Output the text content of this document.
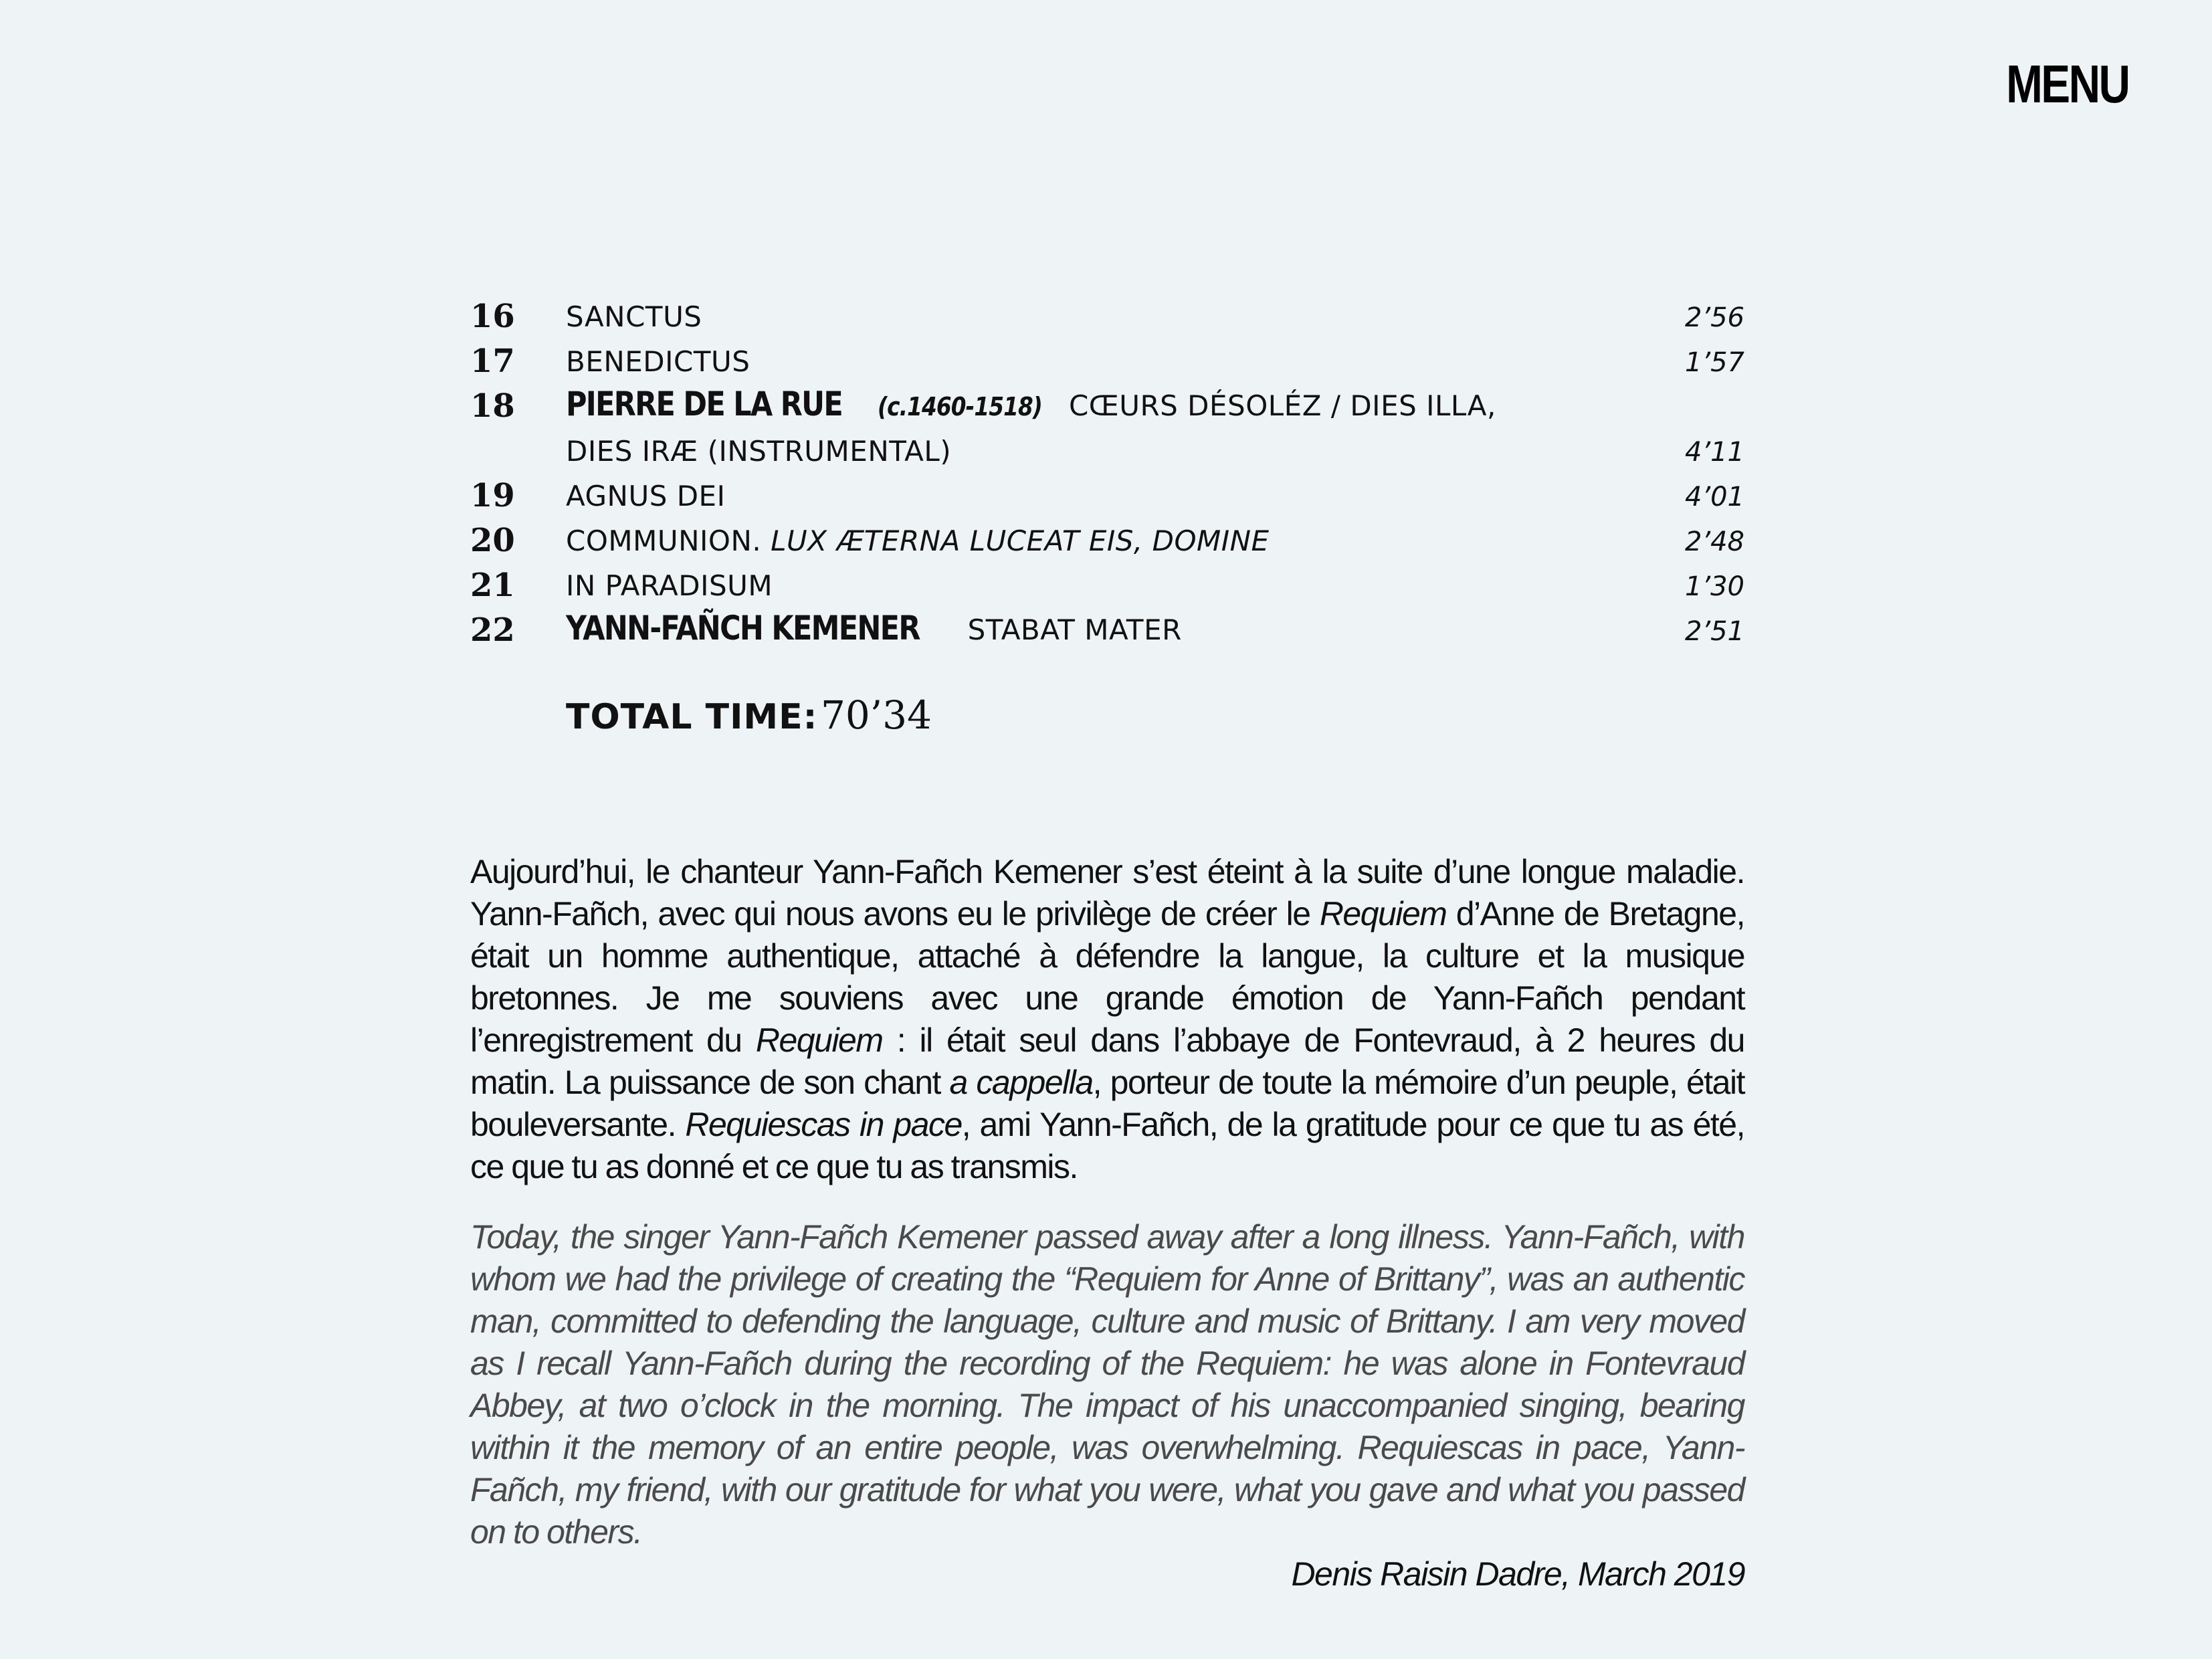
MENU
16 SANCTUS	2’56
17 BENEDICTUS	1’57
18 PIERRE DE LA RUE (c.1460-1518) CŒURS DÉSOLÉZ / DIES ILLA,
DIES IRÆ (INSTRUMENTAL)	4’11
19 AGNUS DEI	4’01
20 COMMUNION. LUX ÆTERNA LUCEAT EIS, DOMINE	2’48
21 IN PARADISUM	1’30
22 YANN-FAÑCH KEMENER STABAT MATER	2’51
TOTAL TIME: 70’34

Aujourd’hui, le chanteur Yann-Fañch Kemener s’est éteint à la suite d’une longue maladie. Yann-Fañch, avec qui nous avons eu le privilège de créer le Requiem d’Anne de Bretagne, était un homme authentique, attaché à défendre la langue, la culture et la musique bretonnes. Je me souviens avec une grande émotion de Yann-Fañch pendant l’enregistrement du Requiem : il était seul dans l’abbaye de Fontevraud, à 2 heures du matin. La puissance de son chant a cappella, porteur de toute la mémoire d’un peuple, était bouleversante. Requiescas in pace, ami Yann-Fañch, de la gratitude pour ce que tu as été, ce que tu as donné et ce que tu as transmis.

Today, the singer Yann-Fañch Kemener passed away after a long illness. Yann-Fañch, with whom we had the privilege of creating the “Requiem for Anne of Brittany”, was an authentic man, committed to defending the language, culture and music of Brittany. I am very moved as I recall Yann-Fañch during the recording of the Requiem: he was alone in Fontevraud Abbey, at two o’clock in the morning. The impact of his unaccompanied singing, bearing within it the memory of an entire people, was overwhelming. Requiescas in pace, Yann-Fañch, my friend, with our gratitude for what you were, what you gave and what you passed on to others.

Denis Raisin Dadre, March 2019
